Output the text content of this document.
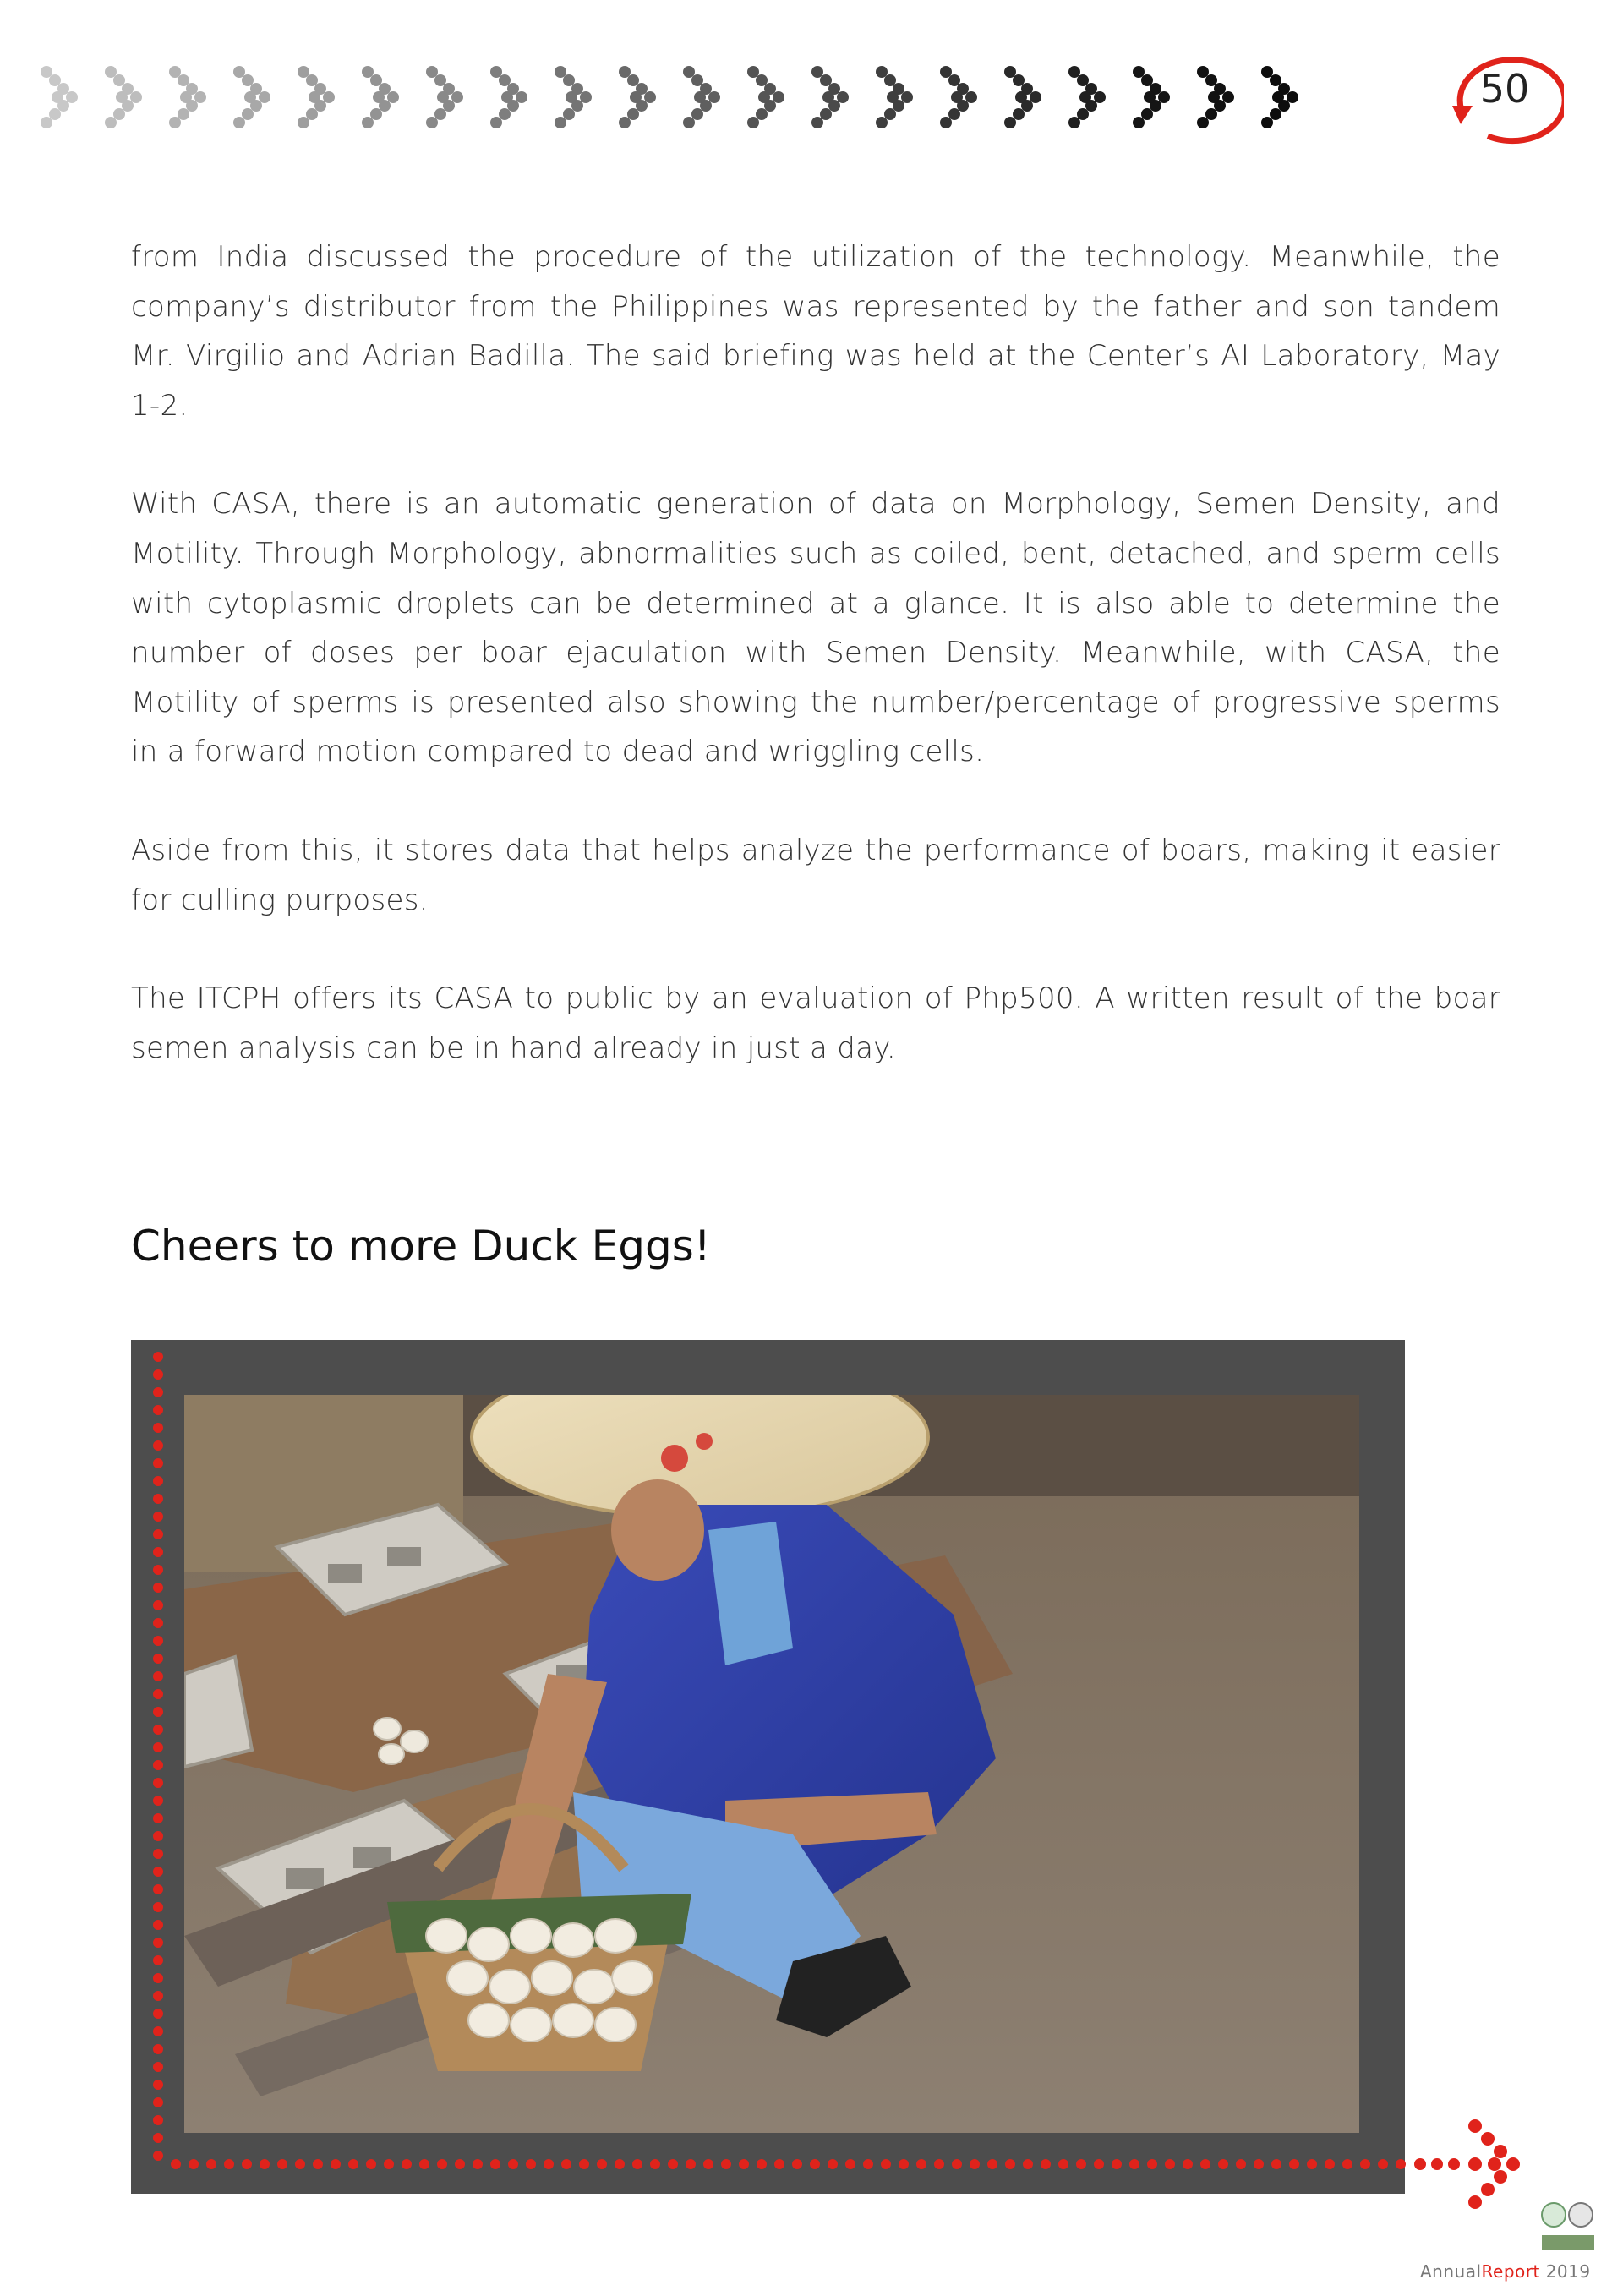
50

from India discussed the procedure of the utilization of the technology. Meanwhile, the company’s distributor from the Philippines was represented by the father and son tandem Mr. Virgilio and Adrian Badilla. The said briefing was held at the Center’s AI Laboratory, May 1-2.

With CASA, there is an automatic generation of data on Morphology, Semen Density, and Motility. Through Morphology, abnormalities such as coiled, bent, detached, and sperm cells with cytoplasmic droplets can be determined at a glance. It is also able to determine the number of doses per boar ejaculation with Semen Density. Meanwhile, with CASA, the Motility of sperms is presented also showing the number/percentage of progressive sperms in a forward motion compared to dead and wriggling cells.

Aside from this, it stores data that helps analyze the performance of boars, making it easier for culling purposes.

The ITCPH offers its CASA to public by an evaluation of Php500. A written result of the boar semen analysis can be in hand already in just a day.

Cheers to more Duck Eggs!
AnnualReport 2019
